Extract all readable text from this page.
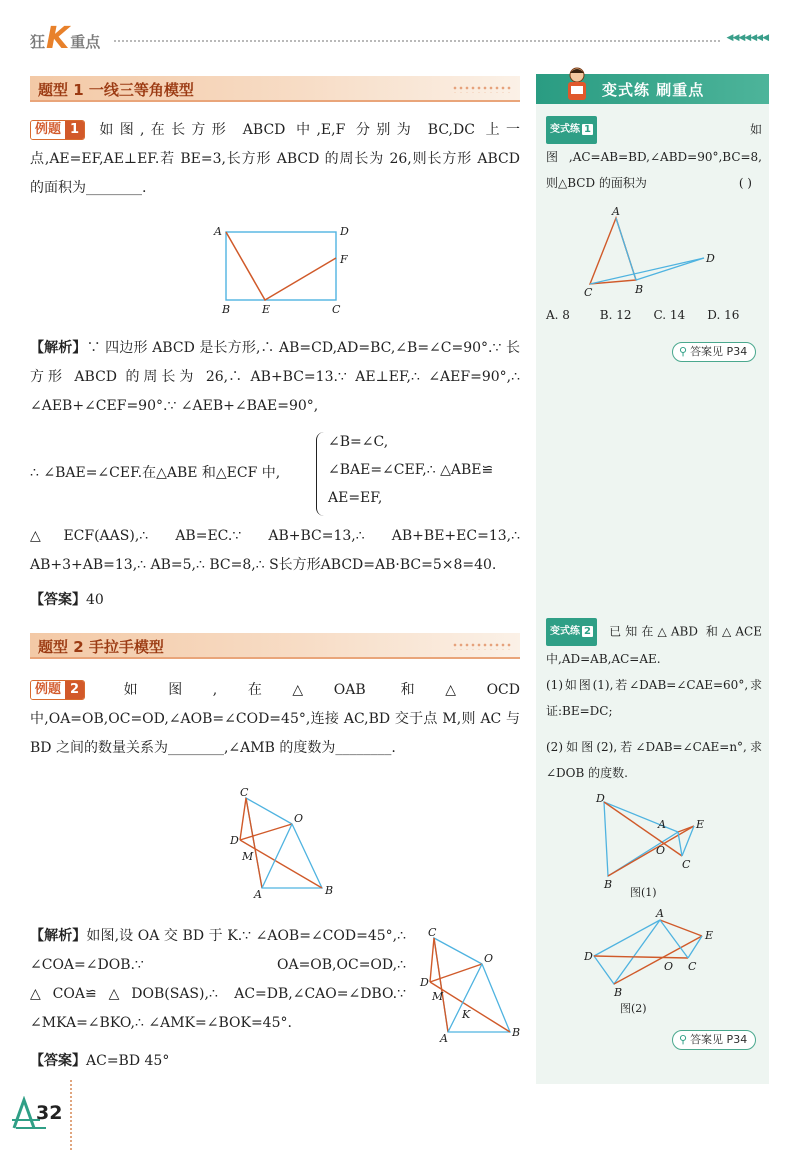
狂 K 重点	◀◀◀◀◀◀◀
题型 1 一线三等角模型
例题 1	如图,在长方形 ABCD 中,E,F 分别为 BC,DC 上一点,AE=EF,AE⊥EF.若 BE=3,长方形 ABCD 的周长为 26,则长方形 ABCD 的面积为________.
A	D
F
B	E	C
【解析】∵ 四边形 ABCD 是长方形,∴ AB=CD,AD=BC,∠B=∠C=90°.∵ 长方形 ABCD 的周长为 26,∴ AB+BC=13.∵ AE⊥EF,∴ ∠AEF=90°,∴ ∠AEB+∠CEF=90°.∵ ∠AEB+∠BAE=90°,
∴ ∠BAE=∠CEF.在△ABE 和△ECF 中,
∠B=∠C,
∠BAE=∠CEF,∴ △ABE≌
AE=EF,
△ECF(AAS),∴ AB=EC.∵ AB+BC=13,∴ AB+BE+EC=13,∴ AB+3+AB=13,∴ AB=5,∴ BC=8,∴ S长方形ABCD=AB·BC=5×8=40.
【答案】40
题型 2 手拉手模型
例题 2	如图,在△OAB 和△OCD 中,OA=OB,OC=OD,∠AOB=∠COD=45°,连接 AC,BD 交于点 M,则 AC 与 BD 之间的数量关系为________,∠AMB 的度数为________.
C
O
D
M
A	B
【解析】如图,设 OA 交 BD 于 K.∵ ∠AOB=∠COD=45°,∴ ∠COA=∠DOB.∵ OA=OB,OC=OD,∴ △COA≌△DOB(SAS),∴ AC=DB,∠CAO=∠DBO.∵ ∠MKA=∠BKO,∴ ∠AMK=∠BOK=45°.
【答案】AC=BD 45°
C
O
D
M
K
A	B
变式练 刷重点
变式练 1 如图,AC=AB=BD,∠ABD=90°,BC=8,则△BCD 的面积为	( )
A
C	B
D
A. 8	B. 12	C. 14	D. 16
⚲ 答案见 P34
变式练 2 已知在△ABD 和△ACE 中,AD=AB,AC=AE.
(1)如图(1),若∠DAB=∠CAE=60°,求证:BE=DC;
(2)如图(2),若∠DAB=∠CAE=n°,求∠DOB 的度数.
D
A	E
O
C
B
图(1)
A
D
E
O C
B
图(2)
⚲ 答案见 P34
32
